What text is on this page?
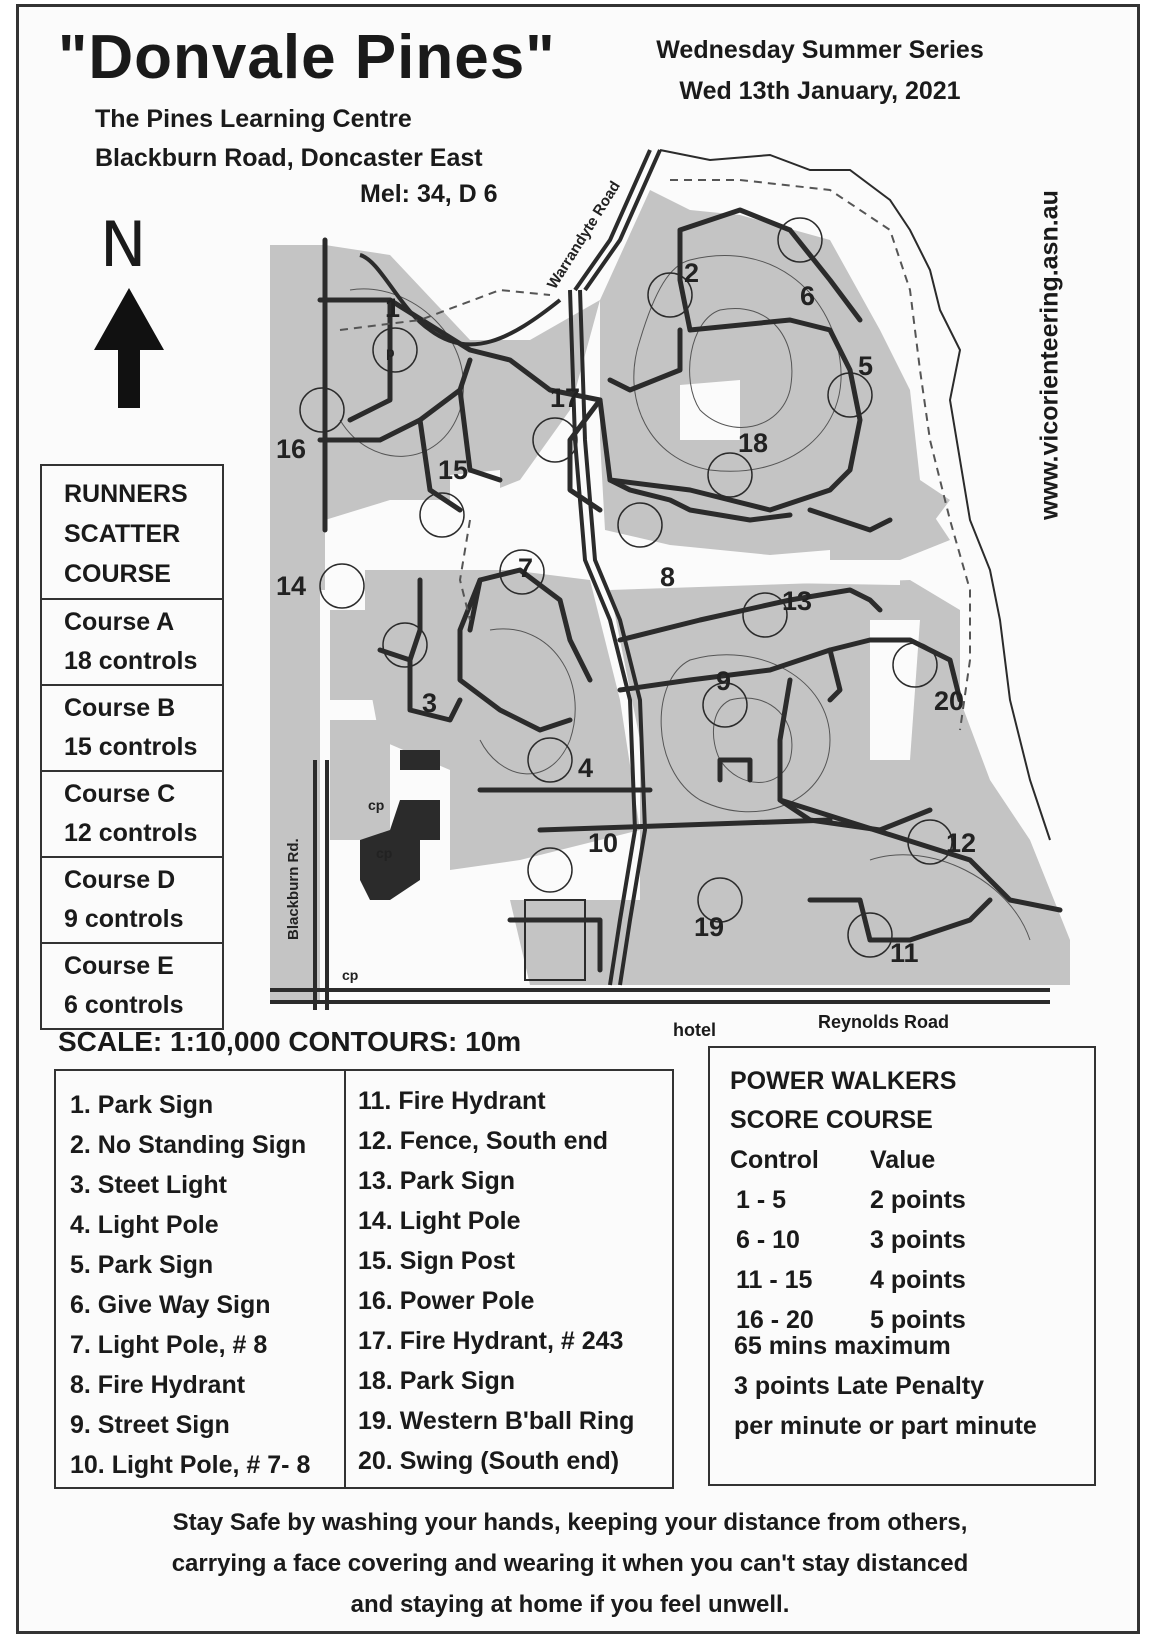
"Donvale Pines"
The Pines Learning Centre
Blackburn Road, Doncaster East
Mel: 34, D 6
Wednesday Summer Series
Wed 13th January, 2021
www.vicorienteering.asn.au
N
RUNNERS
SCATTER
COURSE
Course A
18 controls
Course B
15 controls
Course C
12 controls
Course D
9 controls
Course E
6 controls
1
2
3
4
5
6
7	8
9
10
11
12
13
14
15
16
17
18
19
20
p
cp
cp
cp
Warrandyte Road
Blackburn Rd.
SCALE: 1:10,000 CONTOURS: 10m	hotel	Reynolds Road
1. Park Sign
2. No Standing Sign
3. Steet Light
4. Light Pole
5. Park Sign
6. Give Way Sign
7. Light Pole, # 8
8. Fire Hydrant
9. Street Sign
10. Light Pole, # 7- 8
11. Fire Hydrant
12. Fence, South end
13. Park Sign
14. Light Pole
15. Sign Post
16. Power Pole
17. Fire Hydrant, # 243
18. Park Sign
19. Western B'ball Ring
20. Swing (South end)
POWER WALKERS
SCORE COURSE
Control	Value
1 - 5	2 points
6 - 10	3 points
11 - 15	4 points
16 - 20	5 points
65 mins maximum
3 points Late Penalty
per minute or part minute
Stay Safe by washing your hands, keeping your distance from others,
carrying a face covering and wearing it when you can't stay distanced
and staying at home if you feel unwell.
